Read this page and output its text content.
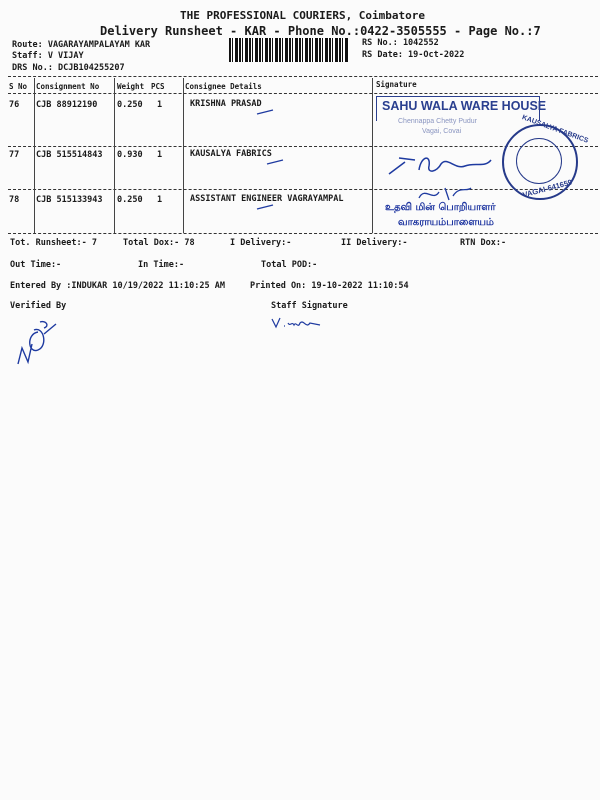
THE PROFESSIONAL COURIERS, Coimbatore
Delivery Runsheet - KAR - Phone No.:0422-3505555 - Page No.:7
Route: VAGARAYAMPALAYAM KAR
Staff: V VIJAY
DRS No.: DCJB104255207
RS No.: 1042552
RS Date: 19-Oct-2022
S No Consignment No Weight PCS	Consignee Details	Signature
76 CJB 88912190 0.250 1	KRISHNA PRASAD
77 CJB 515514843 0.930 1	KAUSALYA FABRICS
78 CJB 515133943 0.250 1	ASSISTANT ENGINEER VAGRAYAMPAL
SAHU WALA WARE HOUSE
Chennappa Chetty Pudur
Vagai, Covai	KAUSALYA FABRICS
VAGAI-641659
உதவி மின் பொறியாளர்
வாகராயம்பாளையம்
Tot. Runsheet:- 7	Total Dox:- 78	I Delivery:-	II Delivery:-	RTN Dox:-
Out Time:-	In Time:-	Total POD:-
Entered By :INDUKAR 10/19/2022 11:10:25 AM	Printed On: 19-10-2022 11:10:54
Verified By	Staff Signature
